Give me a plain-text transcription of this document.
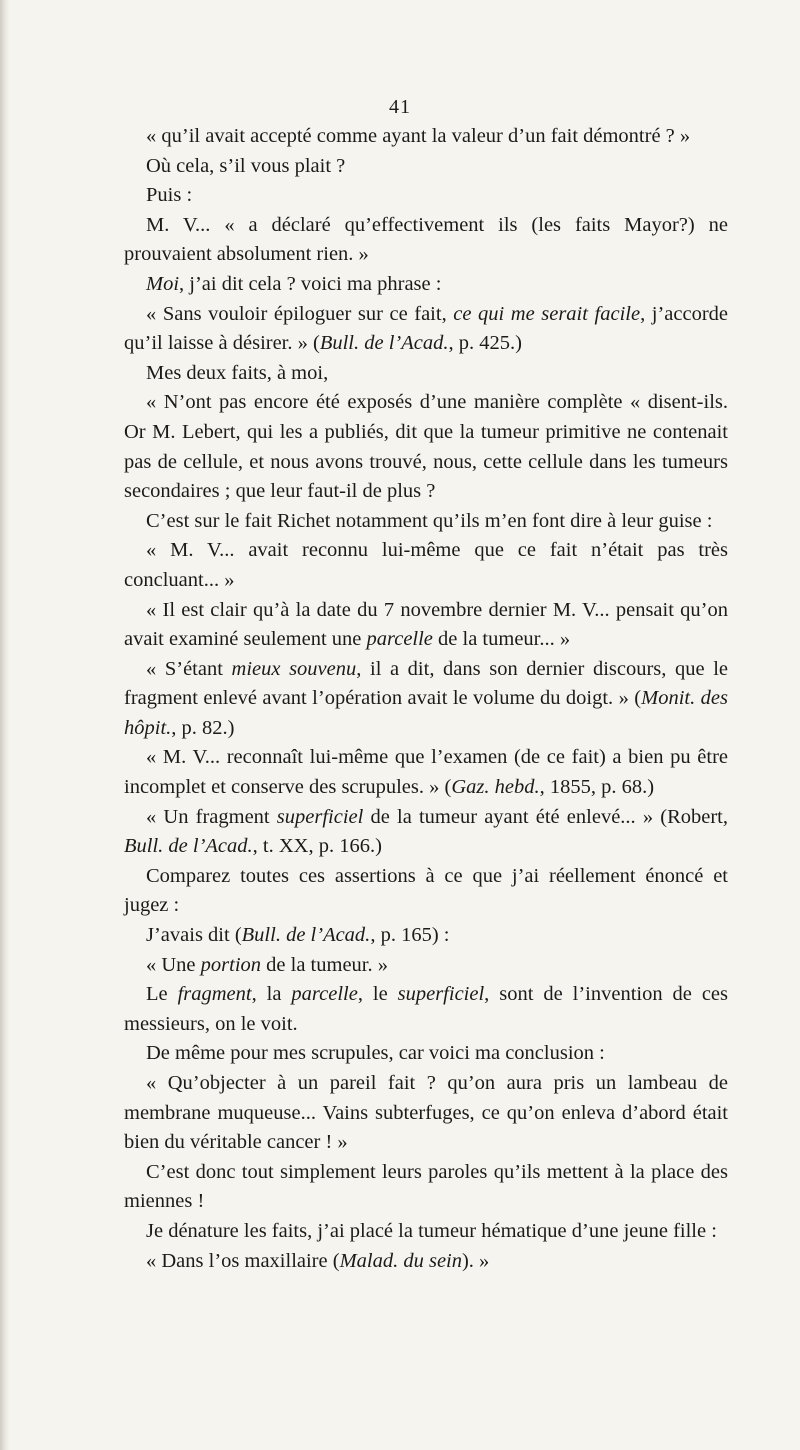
41

« qu’il avait accepté comme ayant la valeur d’un fait démontré ? »

Où cela, s’il vous plait ?

Puis :

M. V... « a déclaré qu’effectivement ils (les faits Mayor?) ne prouvaient absolument rien. »

Moi, j’ai dit cela ? voici ma phrase :

« Sans vouloir épiloguer sur ce fait, ce qui me serait facile, j’accorde qu’il laisse à désirer. » (Bull. de l’Acad., p. 425.)

Mes deux faits, à moi,

« N’ont pas encore été exposés d’une manière complète « disent-ils. Or M. Lebert, qui les a publiés, dit que la tumeur primitive ne contenait pas de cellule, et nous avons trouvé, nous, cette cellule dans les tumeurs secondaires ; que leur faut-il de plus ?

C’est sur le fait Richet notamment qu’ils m’en font dire à leur guise :

« M. V... avait reconnu lui-même que ce fait n’était pas très concluant... »

« Il est clair qu’à la date du 7 novembre dernier M. V... pensait qu’on avait examiné seulement une parcelle de la tumeur... »

« S’étant mieux souvenu, il a dit, dans son dernier discours, que le fragment enlevé avant l’opération avait le volume du doigt. » (Monit. des hôpit., p. 82.)

« M. V... reconnaît lui-même que l’examen (de ce fait) a bien pu être incomplet et conserve des scrupules. » (Gaz. hebd., 1855, p. 68.)

« Un fragment superficiel de la tumeur ayant été enlevé... » (Robert, Bull. de l’Acad., t. XX, p. 166.)

Comparez toutes ces assertions à ce que j’ai réellement énoncé et jugez :

J’avais dit (Bull. de l’Acad., p. 165) :

« Une portion de la tumeur. »

Le fragment, la parcelle, le superficiel, sont de l’invention de ces messieurs, on le voit.

De même pour mes scrupules, car voici ma conclusion :

« Qu’objecter à un pareil fait ? qu’on aura pris un lambeau de membrane muqueuse... Vains subterfuges, ce qu’on enleva d’abord était bien du véritable cancer ! »

C’est donc tout simplement leurs paroles qu’ils mettent à la place des miennes !

Je dénature les faits, j’ai placé la tumeur hématique d’une jeune fille :

« Dans l’os maxillaire (Malad. du sein). »
